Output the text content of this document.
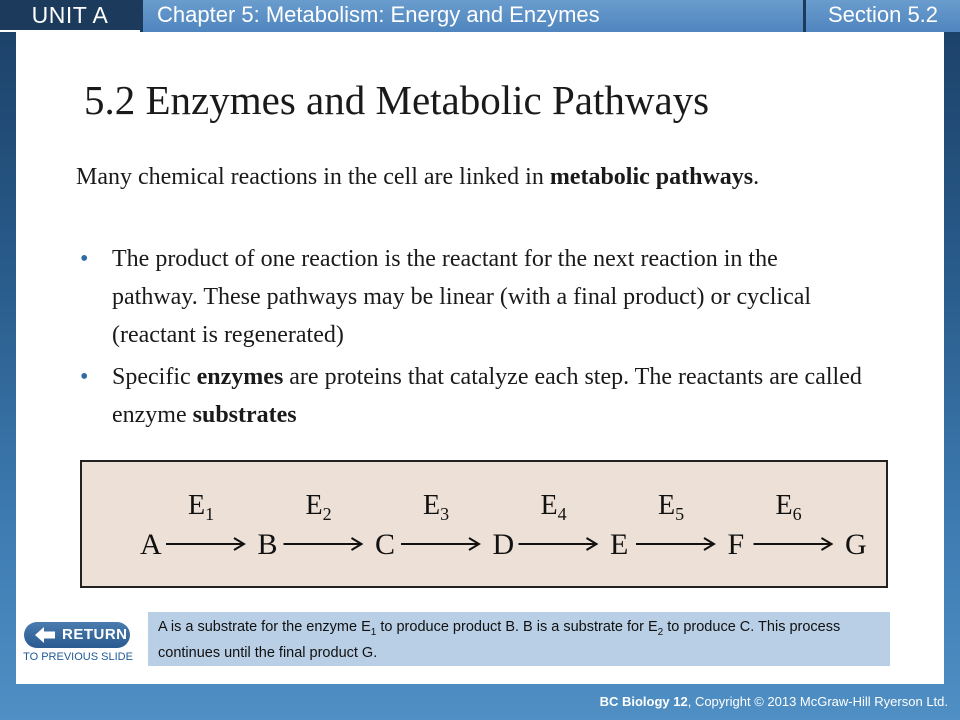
UNIT A	Chapter 5: Metabolism: Energy and Enzymes	Section 5.2
5.2 Enzymes and Metabolic Pathways

Many chemical reactions in the cell are linked in metabolic pathways.

• The product of one reaction is the reactant for the next reaction in the pathway. These pathways may be linear (with a final product) or cyclical (reactant is regenerated)
• Specific enzymes are proteins that catalyze each step. The reactants are called enzyme substrates
A
$E_1$
B
$E_2$
C
$E_3$
D
$E_4$
E
$E_5$
F
$E_6$
G
RETURN
TO PREVIOUS SLIDE
A is a substrate for the enzyme $E_1$ to produce product B. B is a substrate for $E_2$ to produce C. This process continues until the final product G.
BC Biology 12, Copyright © 2013 McGraw-Hill Ryerson Ltd.
